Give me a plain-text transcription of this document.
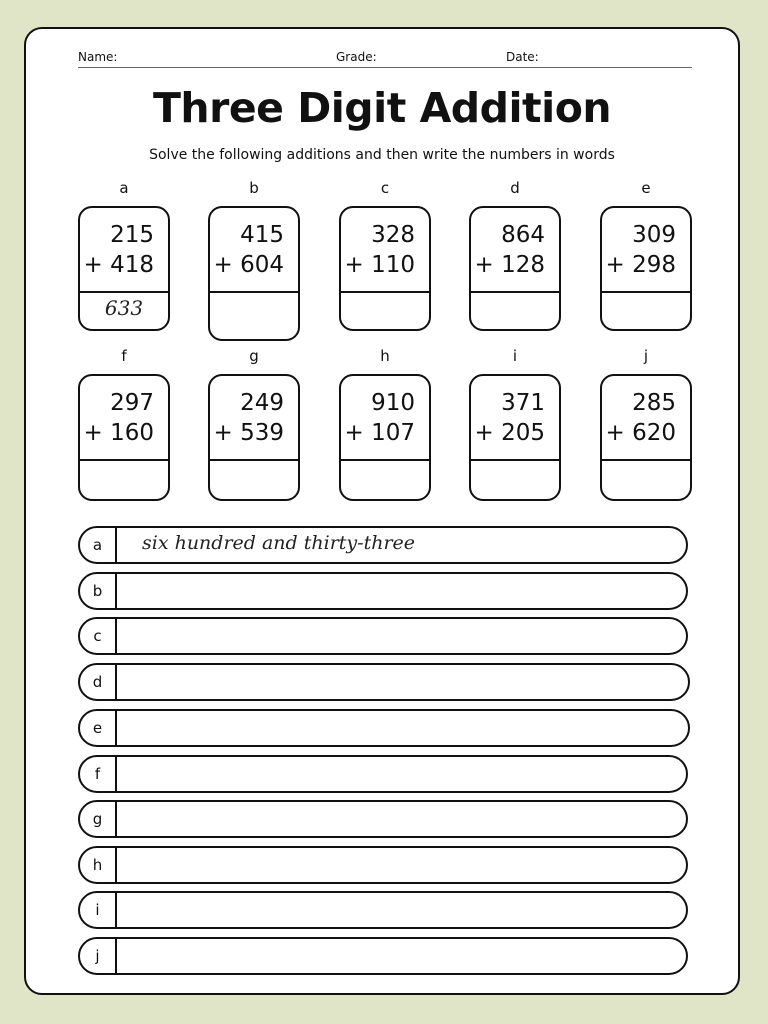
Name:	Grade:	Date:
Three Digit Addition
Solve the following additions and then write the numbers in words
a
215
+ 418
633
b
415
+ 604
c
328
+ 110
d
864
+ 128
e
309
+ 298
f
297
+ 160
g
249
+ 539
h
910
+ 107
i
371
+ 205
j
285
+ 620
a	six hundred and thirty-three
b
c
d
e
f
g
h
i
j
